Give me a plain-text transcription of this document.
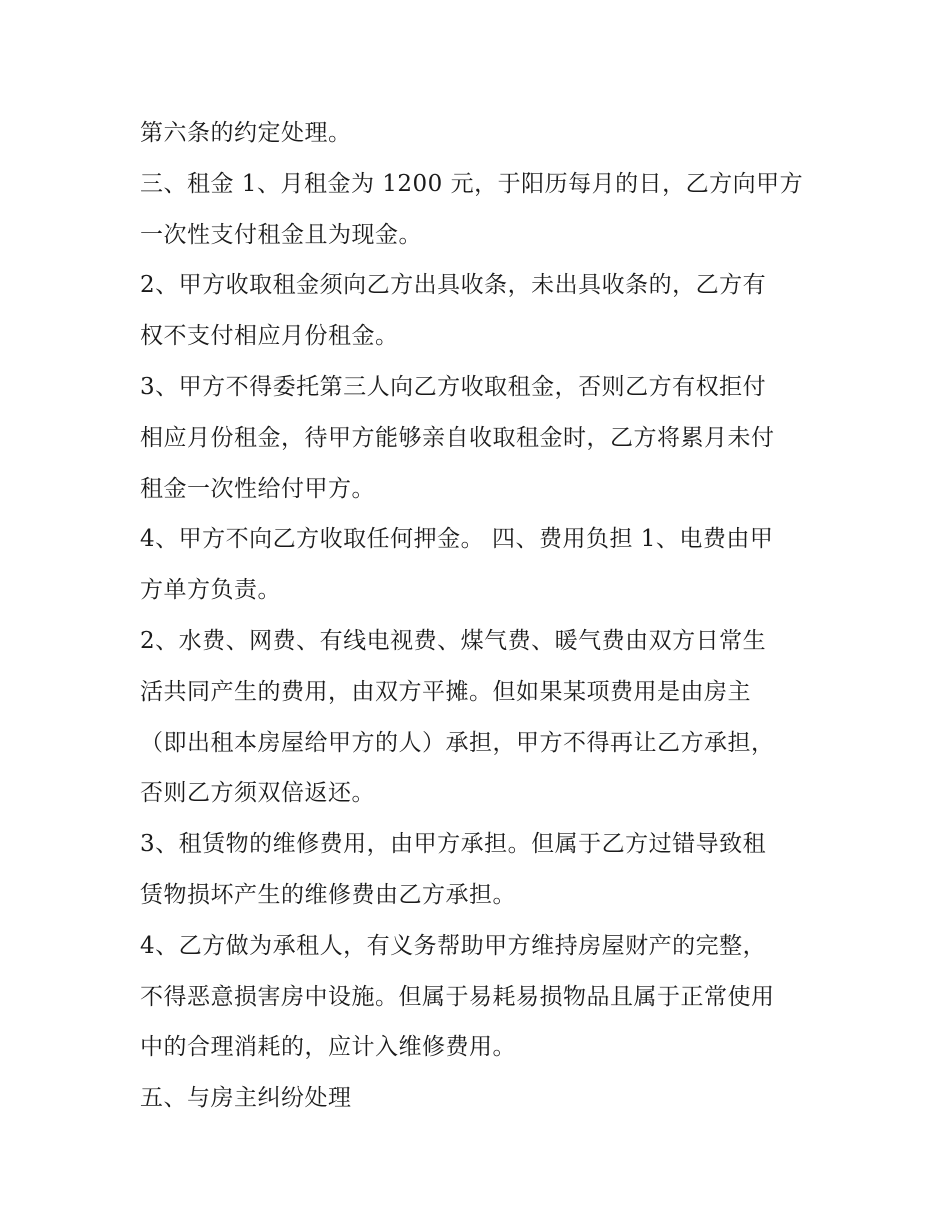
第六条的约定处理。
三、租金 1、月租金为 1200 元，于阳历每月的日，乙方向甲方
一次性支付租金且为现金。
2、甲方收取租金须向乙方出具收条，未出具收条的，乙方有
权不支付相应月份租金。
3、甲方不得委托第三人向乙方收取租金，否则乙方有权拒付
相应月份租金，待甲方能够亲自收取租金时，乙方将累月未付
租金一次性给付甲方。
4、甲方不向乙方收取任何押金。 四、费用负担 1、电费由甲
方单方负责。
2、水费、网费、有线电视费、煤气费、暖气费由双方日常生
活共同产生的费用，由双方平摊。但如果某项费用是由房主
（即出租本房屋给甲方的人）承担，甲方不得再让乙方承担，
否则乙方须双倍返还。
3、租赁物的维修费用，由甲方承担。但属于乙方过错导致租
赁物损坏产生的维修费由乙方承担。
4、乙方做为承租人，有义务帮助甲方维持房屋财产的完整，
不得恶意损害房中设施。但属于易耗易损物品且属于正常使用
中的合理消耗的，应计入维修费用。
五、与房主纠纷处理
